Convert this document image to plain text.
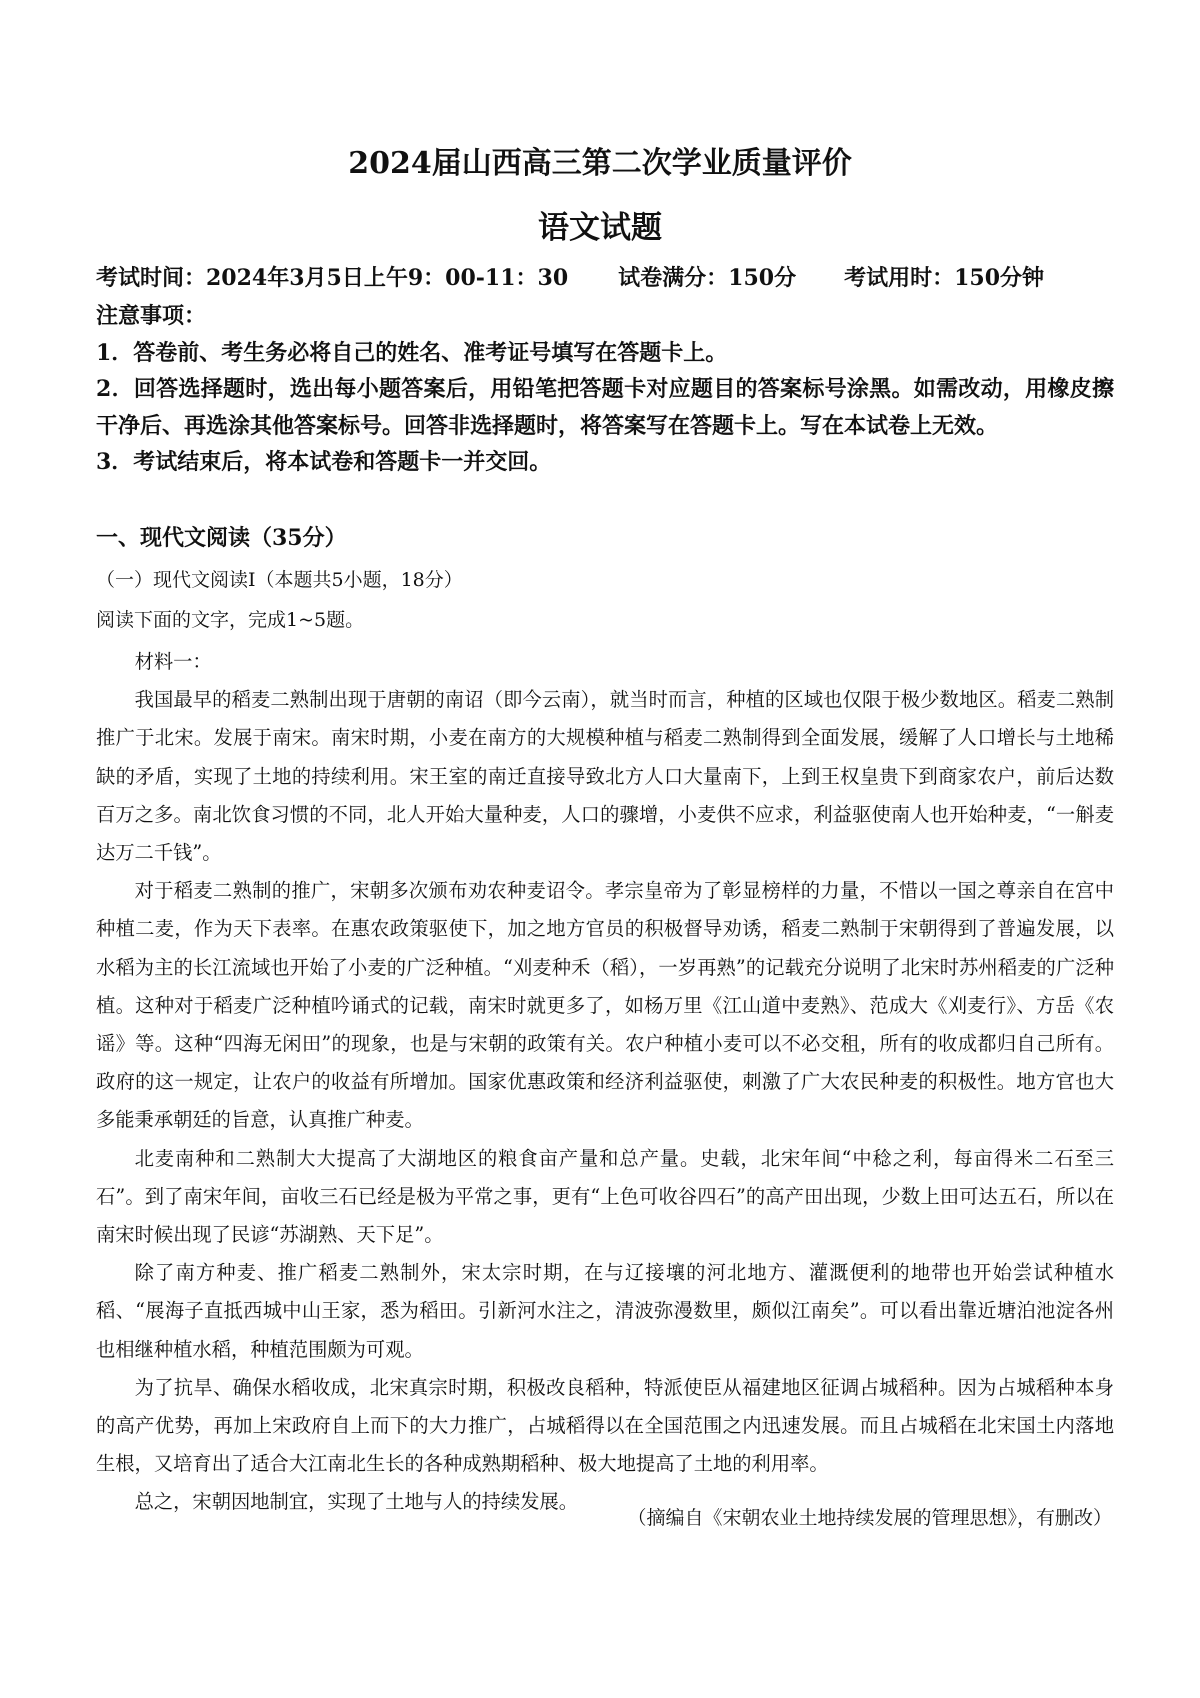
2024届山西高三第二次学业质量评价
语文试题
考试时间：2024年3月5日上午9：00-11：30 试卷满分：150分 考试用时：150分钟

注意事项：

1．答卷前、考生务必将自己的姓名、准考证号填写在答题卡上。

2．回答选择题时，选出每小题答案后，用铅笔把答题卡对应题目的答案标号涂黑。如需改动，用橡皮擦干净后、再选涂其他答案标号。回答非选择题时，将答案写在答题卡上。写在本试卷上无效。

3．考试结束后，将本试卷和答题卡一并交回。

一、现代文阅读（35分）
（一）现代文阅读I（本题共5小题，18分）
阅读下面的文字，完成1~5题。

材料一：

我国最早的稻麦二熟制出现于唐朝的南诏（即今云南），就当时而言，种植的区域也仅限于极少数地区。稻麦二熟制推广于北宋。发展于南宋。南宋时期，小麦在南方的大规模种植与稻麦二熟制得到全面发展，缓解了人口增长与土地稀缺的矛盾，实现了土地的持续利用。宋王室的南迁直接导致北方人口大量南下，上到王权皇贵下到商家农户，前后达数百万之多。南北饮食习惯的不同，北人开始大量种麦，人口的骤增，小麦供不应求，利益驱使南人也开始种麦，“一斛麦达万二千钱”。

对于稻麦二熟制的推广，宋朝多次颁布劝农种麦诏令。孝宗皇帝为了彰显榜样的力量，不惜以一国之尊亲自在宫中种植二麦，作为天下表率。在惠农政策驱使下，加之地方官员的积极督导劝诱，稻麦二熟制于宋朝得到了普遍发展，以水稻为主的长江流域也开始了小麦的广泛种植。“刈麦种禾（稻），一岁再熟”的记载充分说明了北宋时苏州稻麦的广泛种植。这种对于稻麦广泛种植吟诵式的记载，南宋时就更多了，如杨万里《江山道中麦熟》、范成大《刈麦行》、方岳《农谣》等。这种“四海无闲田”的现象，也是与宋朝的政策有关。农户种植小麦可以不必交租，所有的收成都归自己所有。政府的这一规定，让农户的收益有所增加。国家优惠政策和经济利益驱使，刺激了广大农民种麦的积极性。地方官也大多能秉承朝廷的旨意，认真推广种麦。

北麦南种和二熟制大大提高了大湖地区的粮食亩产量和总产量。史载，北宋年间“中稔之利，每亩得米二石至三石”。到了南宋年间，亩收三石已经是极为平常之事，更有“上色可收谷四石”的高产田出现，少数上田可达五石，所以在南宋时候出现了民谚“苏湖熟、天下足”。

除了南方种麦、推广稻麦二熟制外，宋太宗时期，在与辽接壤的河北地方、灌溉便利的地带也开始尝试种植水稻、“展海子直抵西城中山王家，悉为稻田。引新河水注之，清波弥漫数里，颇似江南矣”。可以看出靠近塘泊池淀各州也相继种植水稻，种植范围颇为可观。

为了抗旱、确保水稻收成，北宋真宗时期，积极改良稻种，特派使臣从福建地区征调占城稻种。因为占城稻种本身的高产优势，再加上宋政府自上而下的大力推广，占城稻得以在全国范围之内迅速发展。而且占城稻在北宋国土内落地生根，又培育出了适合大江南北生长的各种成熟期稻种、极大地提高了土地的利用率。

总之，宋朝因地制宜，实现了土地与人的持续发展。

（摘编自《宋朝农业土地持续发展的管理思想》，有删改）
